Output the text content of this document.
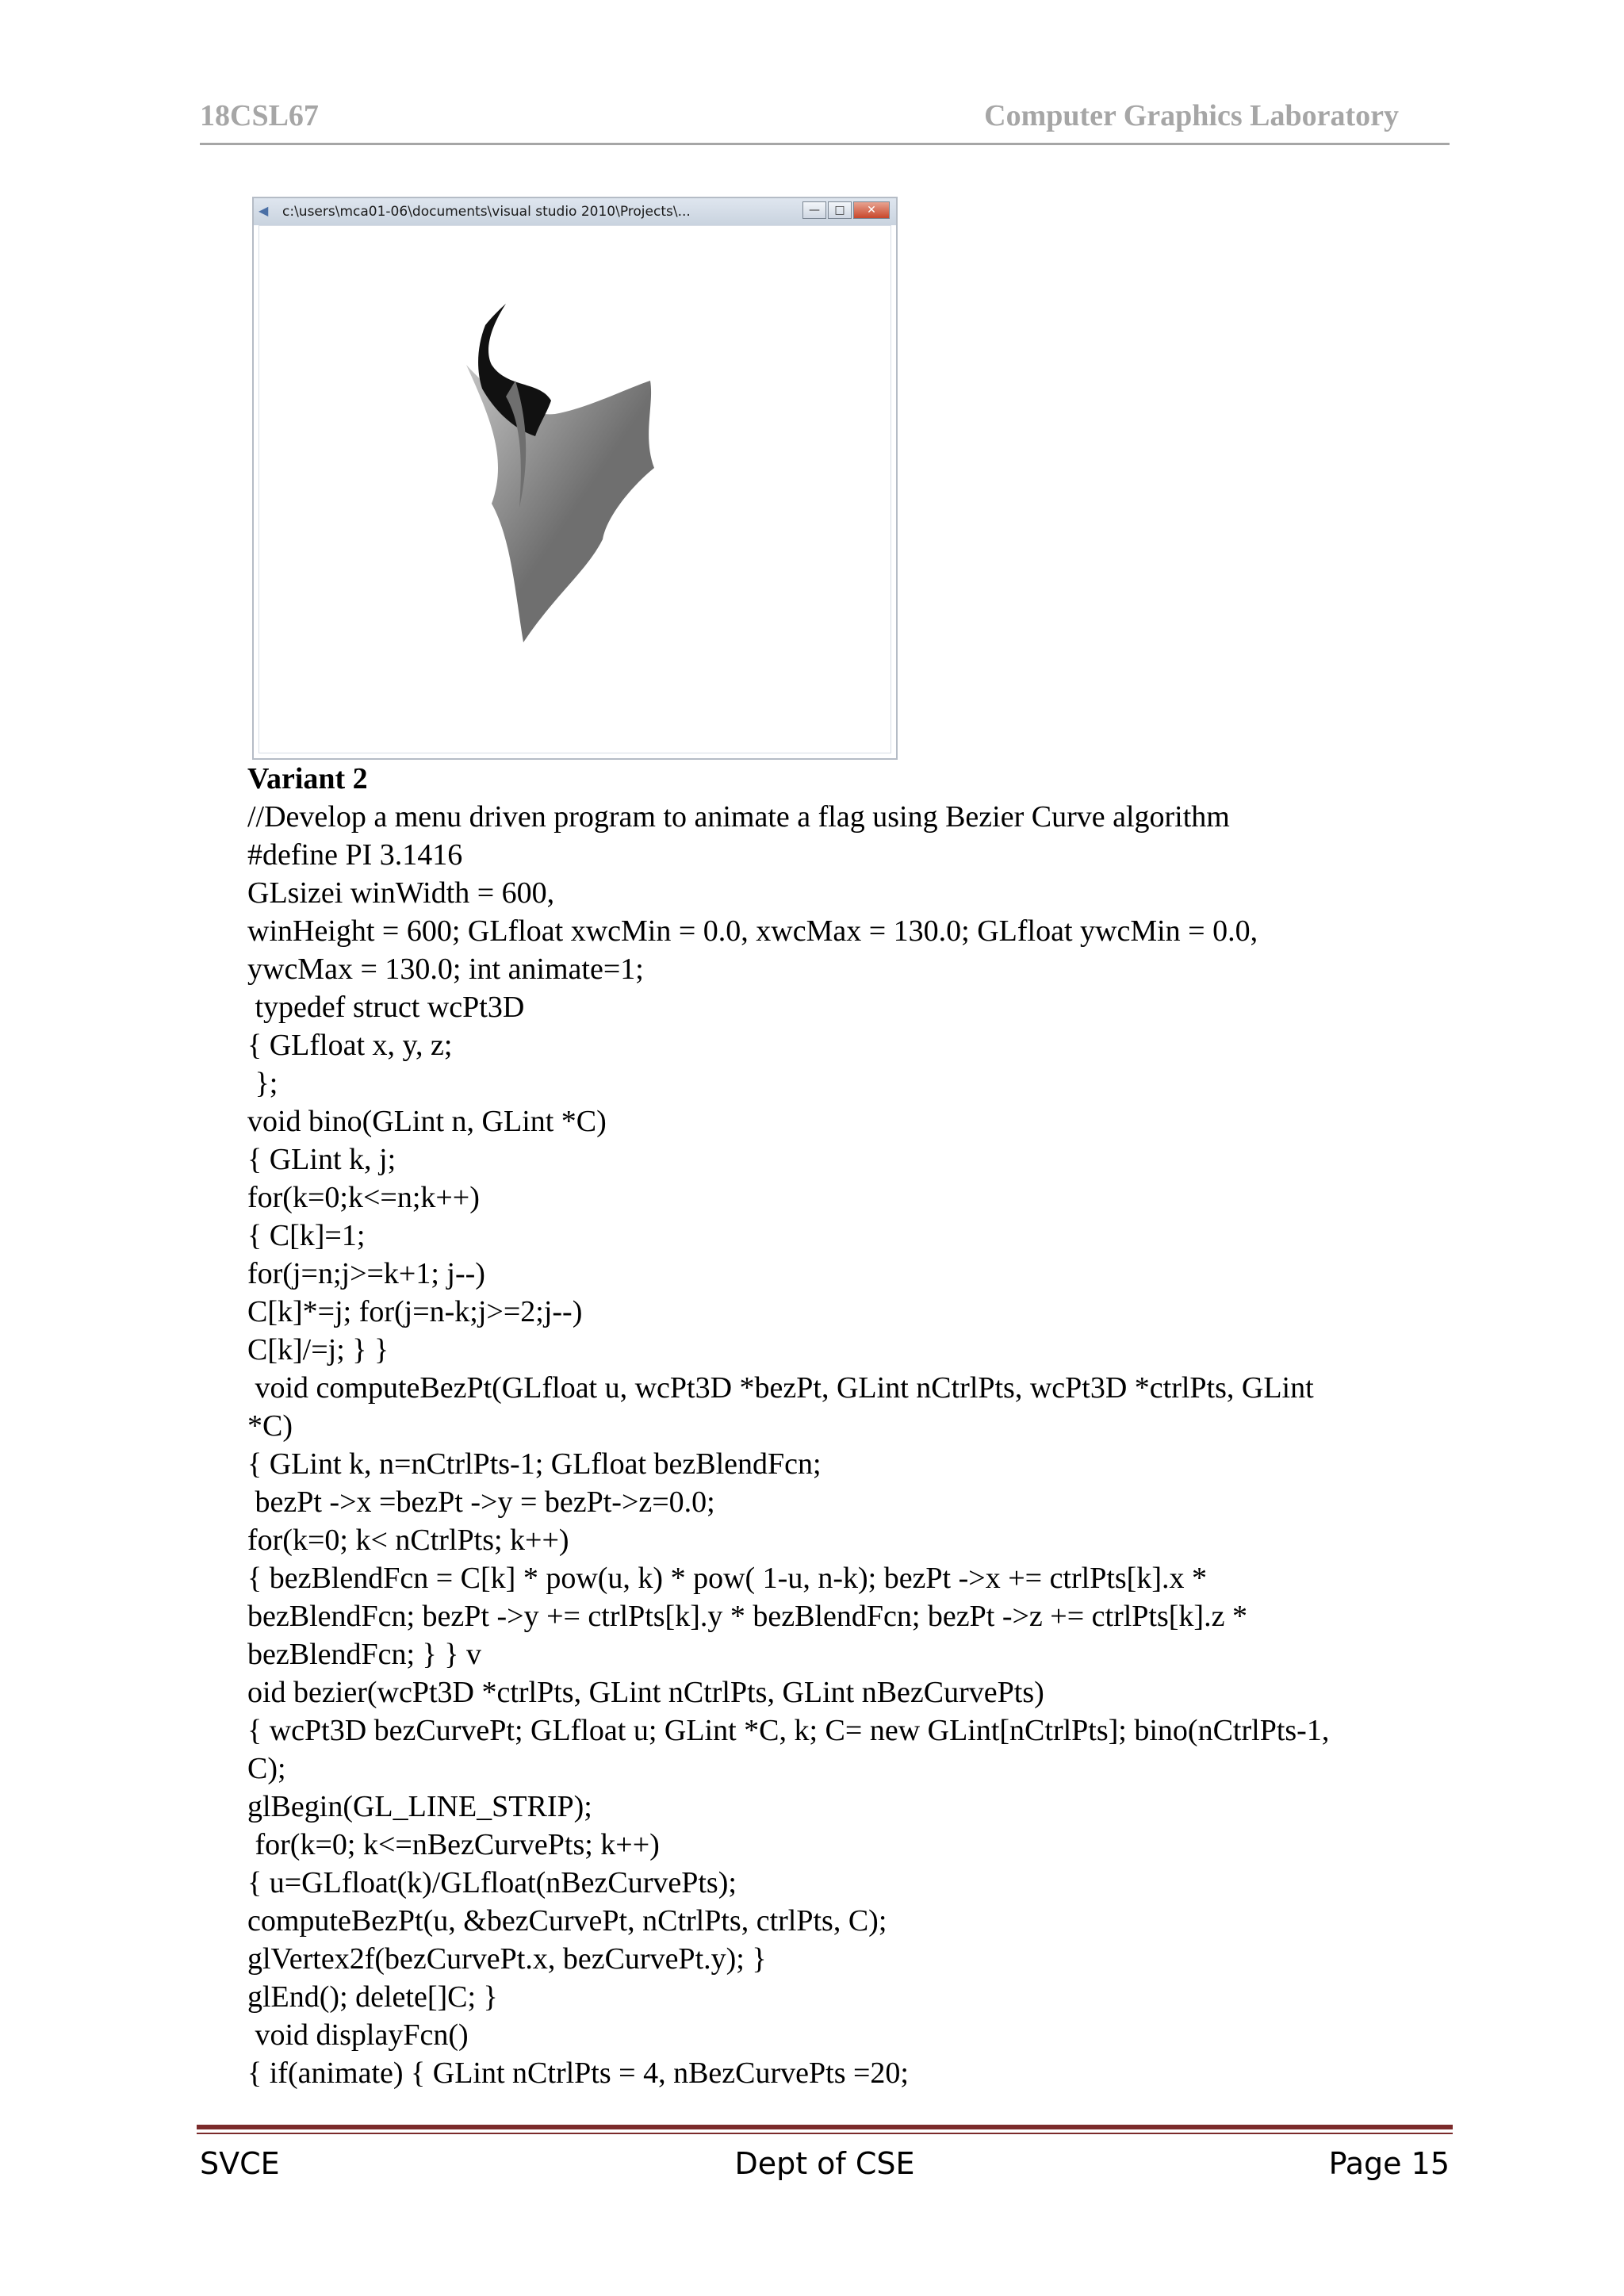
18CSL67	Computer Graphics Laboratory
◀ c:\users\mca01-06\documents\visual studio 2010\Projects\...	—	□	✕
Variant 2
//Develop a menu driven program to animate a flag using Bezier Curve algorithm
#define PI 3.1416
GLsizei winWidth = 600,
winHeight = 600; GLfloat xwcMin = 0.0, xwcMax = 130.0; GLfloat ywcMin = 0.0,
ywcMax = 130.0; int animate=1;
typedef struct wcPt3D
{ GLfloat x, y, z;
};
void bino(GLint n, GLint *C)
{ GLint k, j;
for(k=0;k<=n;k++)
{ C[k]=1;
for(j=n;j>=k+1; j--)
C[k]*=j; for(j=n-k;j>=2;j--)
C[k]/=j; } }
void computeBezPt(GLfloat u, wcPt3D *bezPt, GLint nCtrlPts, wcPt3D *ctrlPts, GLint
*C)
{ GLint k, n=nCtrlPts-1; GLfloat bezBlendFcn;
bezPt ->x =bezPt ->y = bezPt->z=0.0;
for(k=0; k< nCtrlPts; k++)
{ bezBlendFcn = C[k] * pow(u, k) * pow( 1-u, n-k); bezPt ->x += ctrlPts[k].x *
bezBlendFcn; bezPt ->y += ctrlPts[k].y * bezBlendFcn; bezPt ->z += ctrlPts[k].z *
bezBlendFcn; } } v
oid bezier(wcPt3D *ctrlPts, GLint nCtrlPts, GLint nBezCurvePts)
{ wcPt3D bezCurvePt; GLfloat u; GLint *C, k; C= new GLint[nCtrlPts]; bino(nCtrlPts-1,
C);
glBegin(GL_LINE_STRIP);
for(k=0; k<=nBezCurvePts; k++)
{ u=GLfloat(k)/GLfloat(nBezCurvePts);
computeBezPt(u, &bezCurvePt, nCtrlPts, ctrlPts, C);
glVertex2f(bezCurvePt.x, bezCurvePt.y); }
glEnd(); delete[]C; }
void displayFcn()
{ if(animate) { GLint nCtrlPts = 4, nBezCurvePts =20;
SVCE	Dept of CSE	Page 15
